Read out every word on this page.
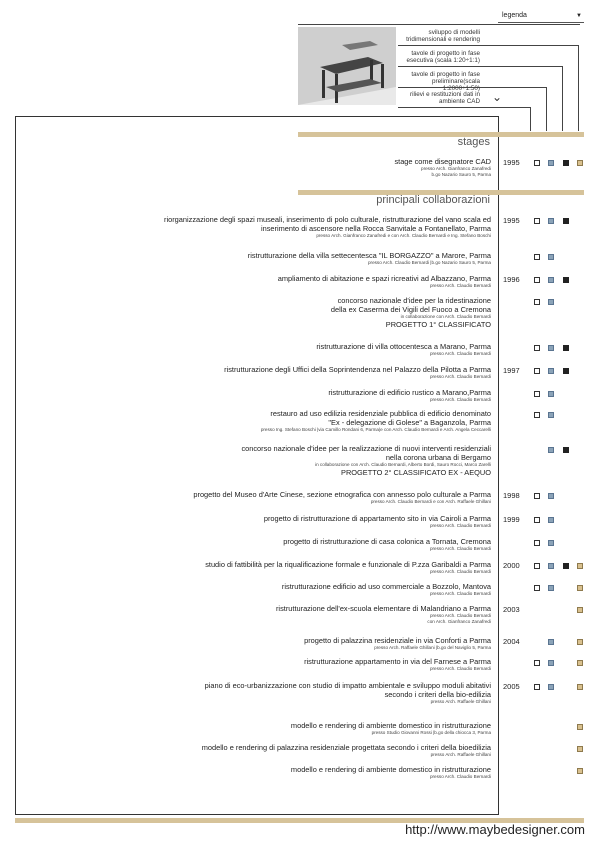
legenda	▼
sviluppo di modelli
tridimensionali e rendering
tavole di progetto in fase
esecutiva (scala 1:20÷1:1)
tavole di progetto in fase
preliminare(scala 1:2000÷1:50)
rilievi e restituzioni dati in
ambiente CAD ⌄
stages
principali collaborazioni
stage come disegnatore CAD
presso Arch. Gianfranco Zanafredi
b.go Nazario Sauro 5, Parma
1995
riorganizzazione degli spazi museali, inserimento di polo culturale, ristrutturazione del vano scala ed
inserimento di ascensore nella Rocca Sanvitale a Fontanellato, Parma
presso Arch. Gianfranco Zanafredi e con Arch. Claudio Bernardi e Ing. Stefano Boschi
1995
ristrutturazione della villa settecentesca "IL BORGAZZO" a Marore, Parma
presso Arch. Claudio Bernardi |b.go Nazario Sauro 5, Parma
ampliamento di abitazione e spazi ricreativi ad Albazzano, Parma
presso Arch. Claudio Bernardi
1996
concorso nazionale d'idee per la ridestinazione
della ex Caserma dei Vigili del Fuoco a Cremona
in collaborazione con Arch. Claudio Bernardi
PROGETTO 1° CLASSIFICATO
ristrutturazione di villa ottocentesca a Marano, Parma
presso Arch. Claudio Bernardi
ristrutturazione degli Uffici della Soprintendenza nel Palazzo della Pilotta a Parma
presso Arch. Claudio Bernardi
1997
ristrutturazione di edificio rustico a Marano,Parma
presso Arch. Claudio Bernardi
restauro ad uso edilizia residenziale pubblica di edificio denominato
"Ex - delegazione di Golese" a Baganzola, Parma
presso Ing. Stefano Boschi |via Camillo Rondani 6, Parma|e con Arch. Claudio Bernardi e Arch. Angela Ceccarelli
concorso nazionale d'idee per la realizzazione di nuovi interventi residenziali
nella corona urbana di Bergamo
in collaborazione con Arch. Claudio Bernardi, Alberto Bordi, Sauro Rocci, Marco Zarelli
PROGETTO 2° CLASSIFICATO EX - AEQUO
progetto del Museo d'Arte Cinese, sezione etnografica con annesso polo culturale a Parma
presso Arch. Claudio Bernardi e con Arch. Raffaele Ghillani
1998
progetto di ristrutturazione di appartamento sito in via Cairoli a Parma
presso Arch. Claudio Bernardi
1999
progetto di ristrutturazione di casa colonica a Tornata, Cremona
presso Arch. Claudio Bernardi
studio di fattibilità per la riqualificazione formale e funzionale di P.zza Garibaldi a Parma
presso Arch. Claudio Bernardi
2000
ristrutturazione edificio ad uso commerciale a Bozzolo, Mantova
presso Arch. Claudio Bernardi
ristrutturazione dell'ex-scuola elementare di Malandriano a Parma
presso Arch. Claudio Bernardi
con Arch. Gianfranco Zanafredi
2003
progetto di palazzina residenziale in via Conforti a Parma
presso Arch. Raffaele Ghillani |b.go del Naviglio 5, Parma
2004
ristrutturazione appartamento in via del Farnese a Parma
presso Arch. Claudio Bernardi
piano di eco-urbanizzazione con studio di impatto ambientale e sviluppo moduli abitativi
secondo i criteri della bio-edilizia
presso Arch. Raffaele Ghillani
2005
modello e rendering di ambiente domestico in ristrutturazione
presso Studio Giovanni Rossi |b.go della chiocca 3, Parma
modello e rendering di palazzina residenziale progettata secondo i criteri della bioedilizia
presso Arch. Raffaele Ghillani
modello e rendering di ambiente domestico in ristrutturazione
presso Arch. Claudio Bernardi
http://www.maybedesigner.com
